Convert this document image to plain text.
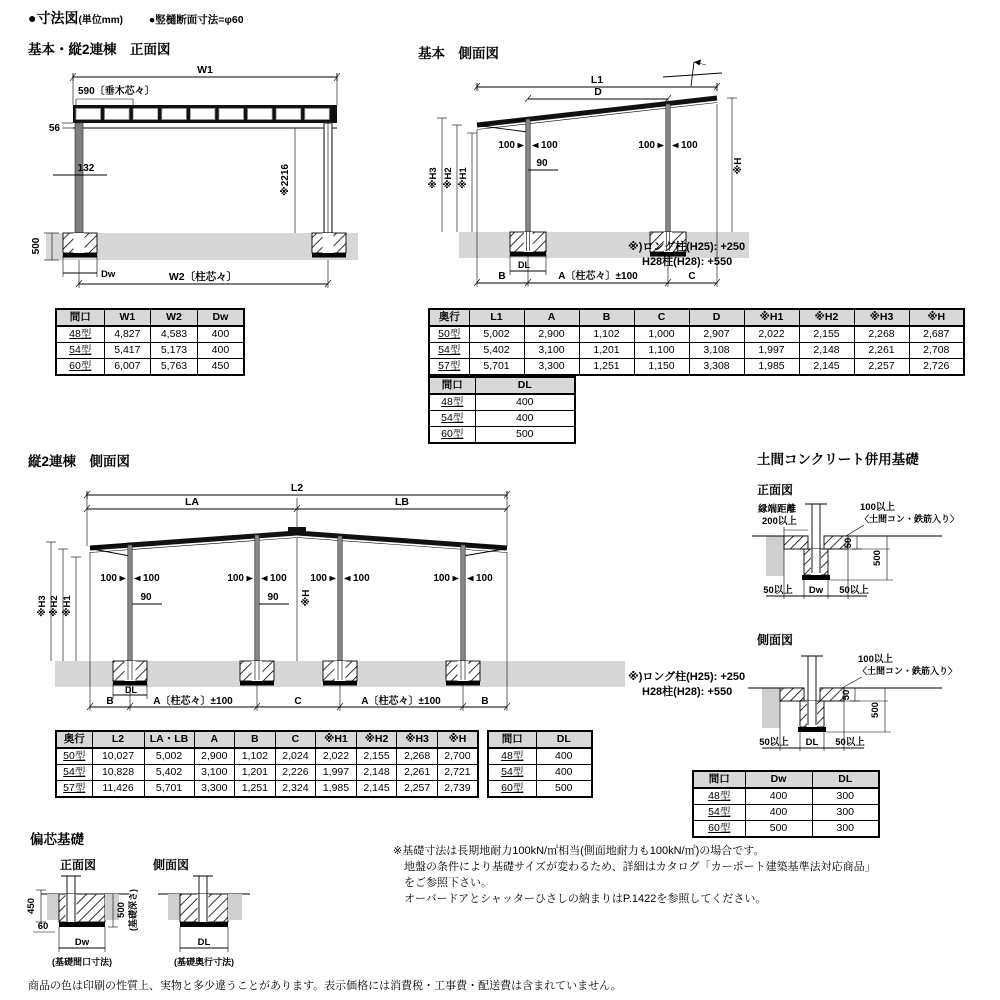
●寸法図(単位mm) ●竪樋断面寸法=φ60
基本・縦2連棟　正面図	基本　側面図
縦2連棟　側面図	土間コンクリート併用基礎
正面図
側面図
偏芯基礎
正面図	側面図
W1
590〔垂木芯々〕
56
132	※2216
500
Dw	W2〔柱芯々〕
L1
D
100	100	100	100
90
※H3 ※H2 ※H1
※H
DL
B	A〔柱芯々〕±100	C
※)ロング柱(H25): +250
H28柱(H28): +550
間口	W1	W2	Dw
48型	4,827	4,583	400
54型	5,417	5,173	400
60型	6,007	5,763	450
奥行	L1	A	B	C	D	※H1	※H2	※H3	※H
50型	5,002	2,900	1,102	1,000	2,907	2,022	2,155	2,268	2,687
54型	5,402	3,100	1,201	1,100	3,108	1,997	2,148	2,261	2,708
57型	5,701	3,300	1,251	1,150	3,308	1,985	2,145	2,257	2,726
間口	DL
48型	400
54型	400
60型	500
L2
LA	LB
100	100	100	100 100	100	100	100
90	90
※H3 ※H2 ※H1	※H
DL
B	A〔柱芯々〕±100	C	A〔柱芯々〕±100	B
※)ロング柱(H25): +250
H28柱(H28): +550
縁端距離
200以上
100以上
〈土間コン・鉄筋入り〉
50
500
50以上 Dw 50以上
100以上
〈土間コン・鉄筋入り〉
50
500
50以上 DL 50以上
奥行	L2	LA・LB	A	B	C	※H1	※H2	※H3	※H
50型	10,027	5,002	2,900	1,102	2,024	2,022	2,155	2,268	2,700
54型	10,828	5,402	3,100	1,201	2,226	1,997	2,148	2,261	2,721
57型	11,426	5,701	3,300	1,251	2,324	1,985	2,145	2,257	2,739
間口	DL
48型	400
54型	400
60型	500
間口	Dw	DL
48型	400	300
54型	400	300
60型	500	300
450	500 (基礎深さ)
60
Dw
(基礎間口寸法)
DL
(基礎奥行寸法)
※基礎寸法は長期地耐力100kN/㎡相当(側面地耐力も100kN/㎡)の場合です。
地盤の条件により基礎サイズが変わるため、詳細はカタログ「カーポート建築基準法対応商品」
をご参照下さい。
オーバードアとシャッターひさしの納まりはP.1422を参照してください。
商品の色は印刷の性質上、実物と多少違うことがあります。表示価格には消費税・工事費・配送費は含まれていません。
